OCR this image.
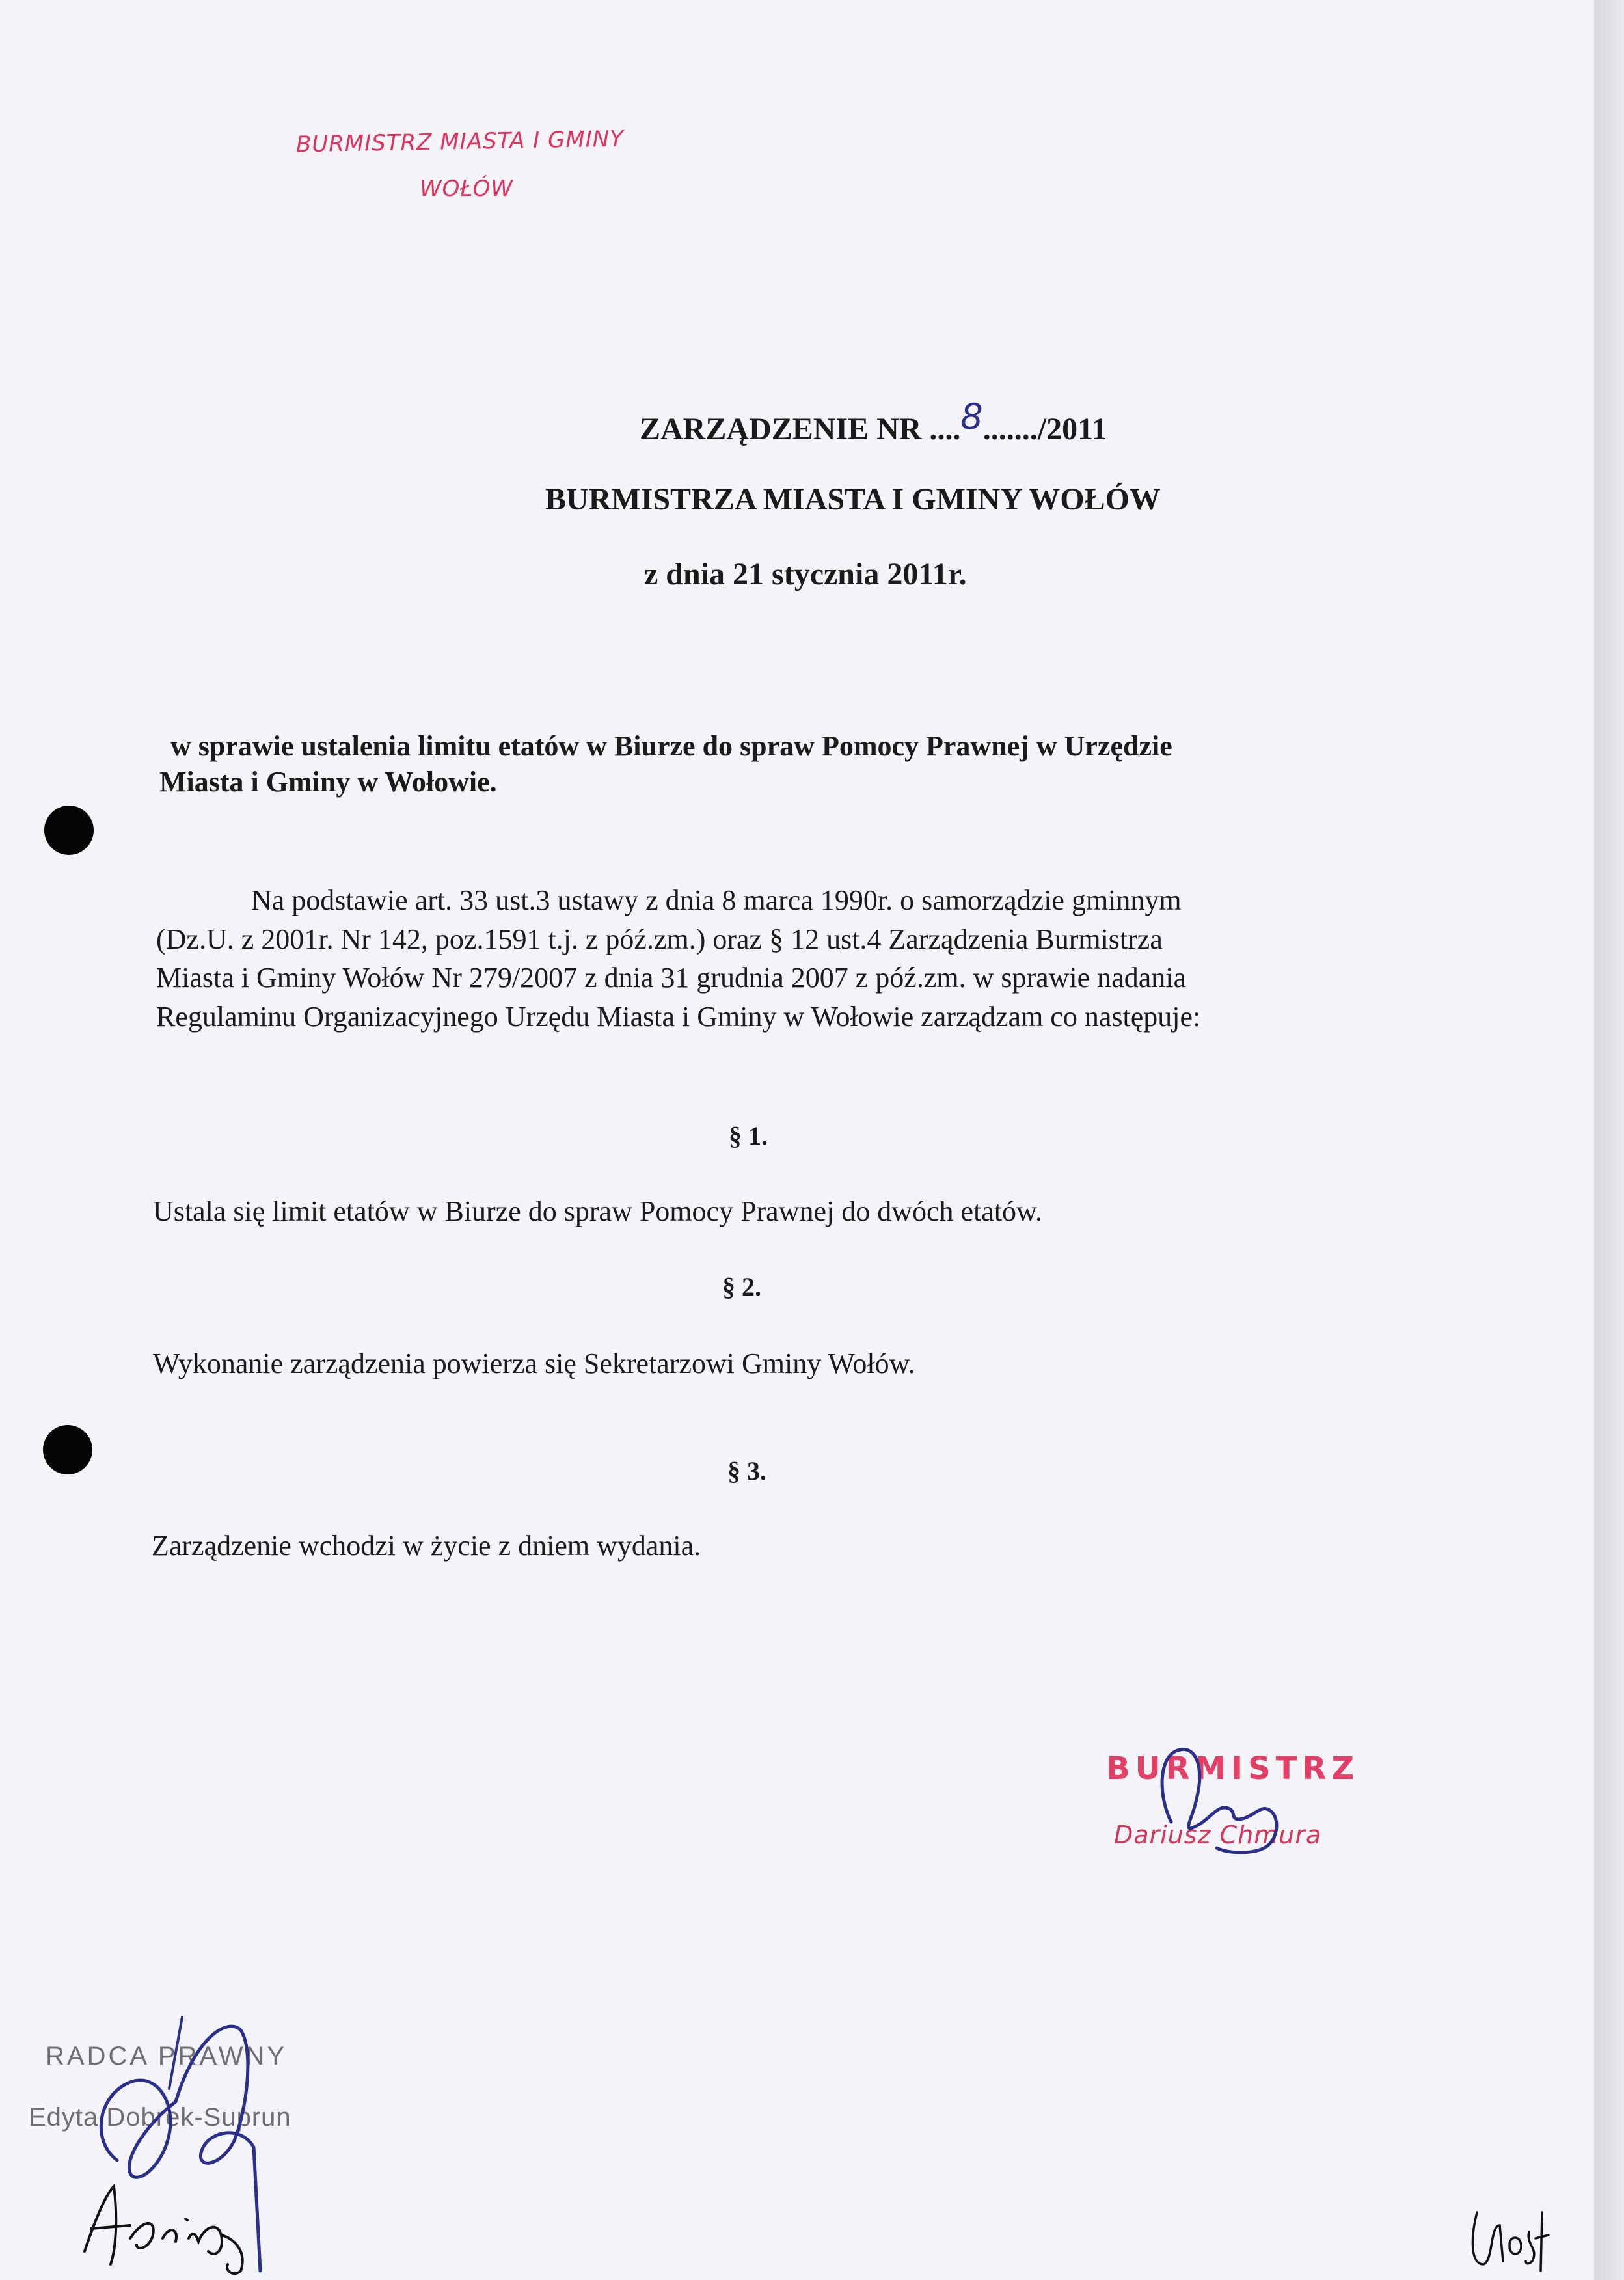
BURMISTRZ MIASTA I GMINY
WOŁÓW
ZARZĄDZENIE NR ....8......./2011
BURMISTRZA MIASTA I GMINY WOŁÓW
z dnia 21 stycznia 2011r.
w sprawie ustalenia limitu etatów w Biurze do spraw Pomocy Prawnej w Urzędzie
Miasta i Gminy w Wołowie.
Na podstawie art. 33 ust.3 ustawy z dnia 8 marca 1990r. o samorządzie gminnym
(Dz.U. z 2001r. Nr 142, poz.1591 t.j. z póź.zm.) oraz § 12 ust.4 Zarządzenia Burmistrza
Miasta i Gminy Wołów Nr 279/2007 z dnia 31 grudnia 2007 z póź.zm. w sprawie nadania
Regulaminu Organizacyjnego Urzędu Miasta i Gminy w Wołowie zarządzam co następuje:
§ 1.
Ustala się limit etatów w Biurze do spraw Pomocy Prawnej do dwóch etatów.
§ 2.
Wykonanie zarządzenia powierza się Sekretarzowi Gminy Wołów.
§ 3.
Zarządzenie wchodzi w życie z dniem wydania.
BURMISTRZ
Dariusz Chmura
RADCA PRAWNY
Edyta Dobrek-Suprun
